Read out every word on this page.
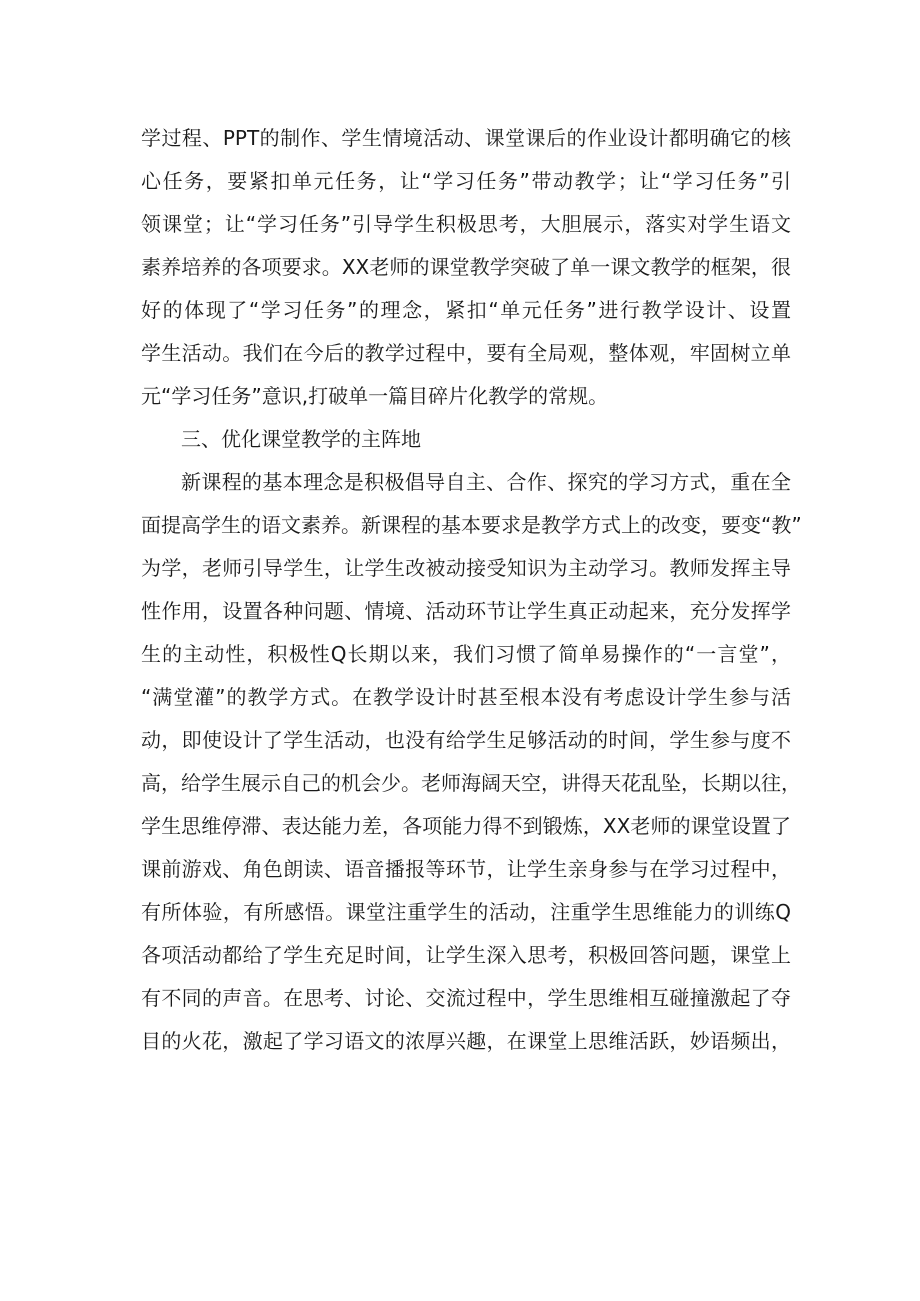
学过程、PPT的制作、学生情境活动、课堂课后的作业设计都明确它的核
心任务，要紧扣单元任务，让“学习任务”带动教学；让“学习任务”引
领课堂；让“学习任务”引导学生积极思考，大胆展示，落实对学生语文
素养培养的各项要求。XX老师的课堂教学突破了单一课文教学的框架，很
好的体现了“学习任务”的理念，紧扣“单元任务”进行教学设计、设置
学生活动。我们在今后的教学过程中，要有全局观，整体观，牢固树立单
元“学习任务”意识,打破单一篇目碎片化教学的常规。
三、优化课堂教学的主阵地
新课程的基本理念是积极倡导自主、合作、探究的学习方式，重在全
面提高学生的语文素养。新课程的基本要求是教学方式上的改变，要变“教”
为学，老师引导学生，让学生改被动接受知识为主动学习。教师发挥主导
性作用，设置各种问题、情境、活动环节让学生真正动起来，充分发挥学
生的主动性，积极性Q长期以来，我们习惯了简单易操作的“一言堂”，
“满堂灌”的教学方式。在教学设计时甚至根本没有考虑设计学生参与活
动，即使设计了学生活动，也没有给学生足够活动的时间，学生参与度不
高，给学生展示自己的机会少。老师海阔天空，讲得天花乱坠，长期以往，
学生思维停滞、表达能力差，各项能力得不到锻炼，XX老师的课堂设置了
课前游戏、角色朗读、语音播报等环节，让学生亲身参与在学习过程中，
有所体验，有所感悟。课堂注重学生的活动，注重学生思维能力的训练Q
各项活动都给了学生充足时间，让学生深入思考，积极回答问题，课堂上
有不同的声音。在思考、讨论、交流过程中，学生思维相互碰撞激起了夺
目的火花，激起了学习语文的浓厚兴趣，在课堂上思维活跃，妙语频出，
